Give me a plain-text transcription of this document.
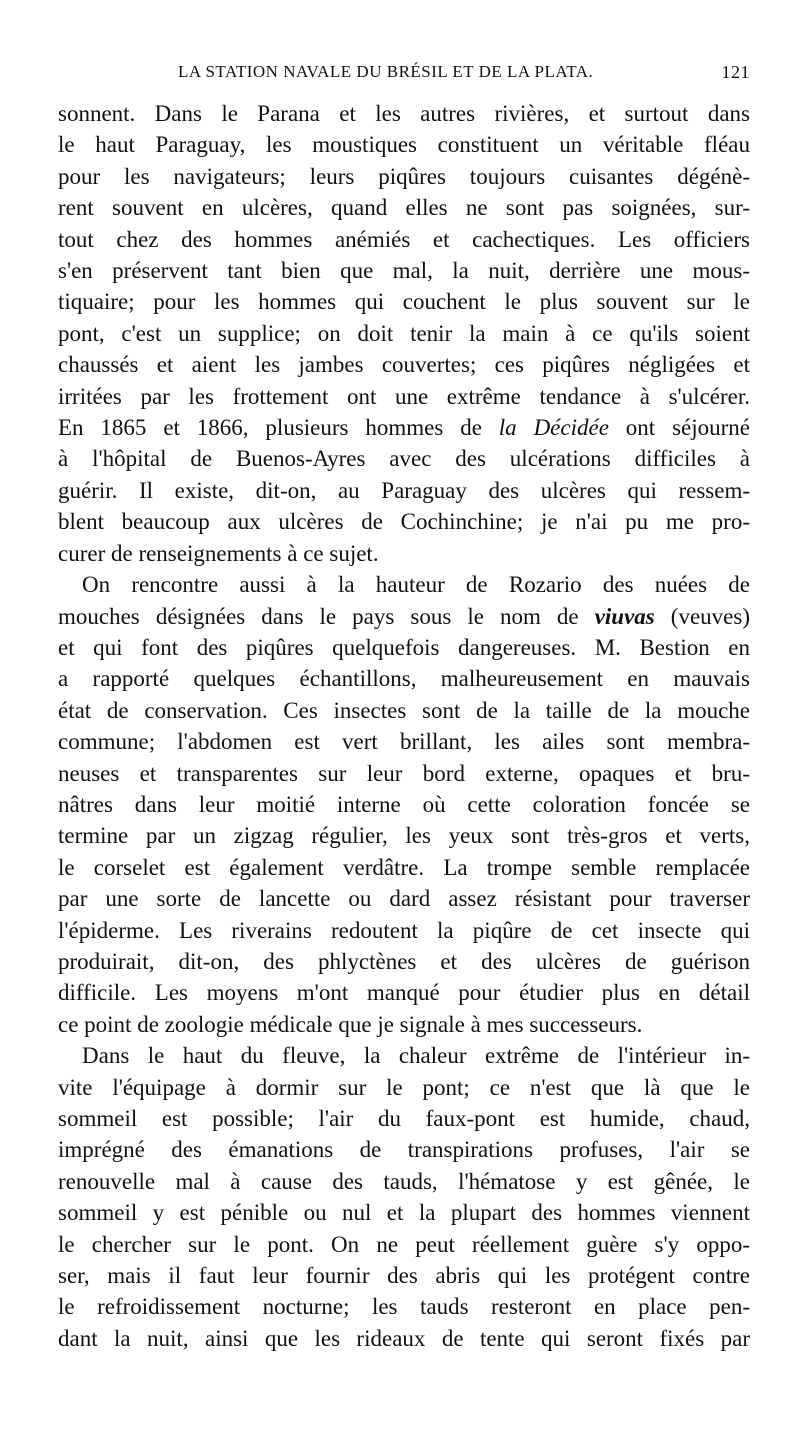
LA STATION NAVALE DU BRÉSIL ET DE LA PLATA.	121
sonnent. Dans le Parana et les autres rivières, et surtout dans
le haut Paraguay, les moustiques constituent un véritable fléau
pour les navigateurs; leurs piqûres toujours cuisantes dégénè-
rent souvent en ulcères, quand elles ne sont pas soignées, sur-
tout chez des hommes anémiés et cachectiques. Les officiers
s'en préservent tant bien que mal, la nuit, derrière une mous-
tiquaire; pour les hommes qui couchent le plus souvent sur le
pont, c'est un supplice; on doit tenir la main à ce qu'ils soient
chaussés et aient les jambes couvertes; ces piqûres négligées et
irritées par les frottement ont une extrême tendance à s'ulcérer.
En 1865 et 1866, plusieurs hommes de la Décidée ont séjourné
à l'hôpital de Buenos-Ayres avec des ulcérations difficiles à
guérir. Il existe, dit-on, au Paraguay des ulcères qui ressem-
blent beaucoup aux ulcères de Cochinchine; je n'ai pu me pro-
curer de renseignements à ce sujet.
On rencontre aussi à la hauteur de Rozario des nuées de
mouches désignées dans le pays sous le nom de viuvas (veuves)
et qui font des piqûres quelquefois dangereuses. M. Bestion en
a rapporté quelques échantillons, malheureusement en mauvais
état de conservation. Ces insectes sont de la taille de la mouche
commune; l'abdomen est vert brillant, les ailes sont membra-
neuses et transparentes sur leur bord externe, opaques et bru-
nâtres dans leur moitié interne où cette coloration foncée se
termine par un zigzag régulier, les yeux sont très-gros et verts,
le corselet est également verdâtre. La trompe semble remplacée
par une sorte de lancette ou dard assez résistant pour traverser
l'épiderme. Les riverains redoutent la piqûre de cet insecte qui
produirait, dit-on, des phlyctènes et des ulcères de guérison
difficile. Les moyens m'ont manqué pour étudier plus en détail
ce point de zoologie médicale que je signale à mes successeurs.
Dans le haut du fleuve, la chaleur extrême de l'intérieur in-
vite l'équipage à dormir sur le pont; ce n'est que là que le
sommeil est possible; l'air du faux-pont est humide, chaud,
imprégné des émanations de transpirations profuses, l'air se
renouvelle mal à cause des tauds, l'hématose y est gênée, le
sommeil y est pénible ou nul et la plupart des hommes viennent
le chercher sur le pont. On ne peut réellement guère s'y oppo-
ser, mais il faut leur fournir des abris qui les protégent contre
le refroidissement nocturne; les tauds resteront en place pen-
dant la nuit, ainsi que les rideaux de tente qui seront fixés par
